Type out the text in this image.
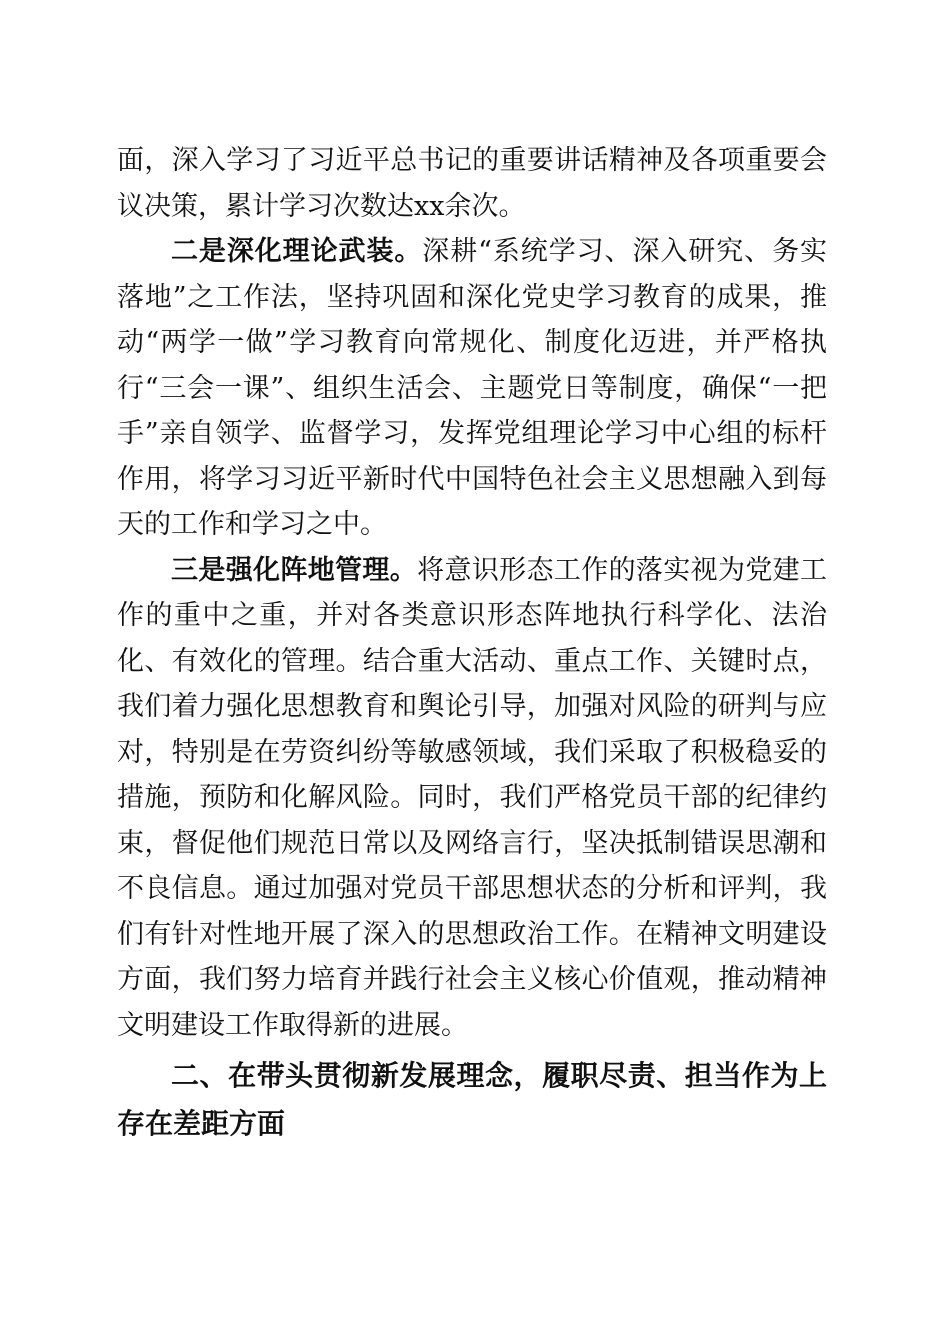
面，深入学习了习近平总书记的重要讲话精神及各项重要会议决策，累计学习次数达xx余次。

二是深化理论武装。深耕“系统学习、深入研究、务实落地”之工作法，坚持巩固和深化党史学习教育的成果，推动“两学一做”学习教育向常规化、制度化迈进，并严格执行“三会一课”、组织生活会、主题党日等制度，确保“一把手”亲自领学、监督学习，发挥党组理论学习中心组的标杆作用，将学习习近平新时代中国特色社会主义思想融入到每天的工作和学习之中。

三是强化阵地管理。将意识形态工作的落实视为党建工作的重中之重，并对各类意识形态阵地执行科学化、法治化、有效化的管理。结合重大活动、重点工作、关键时点，我们着力强化思想教育和舆论引导，加强对风险的研判与应对，特别是在劳资纠纷等敏感领域，我们采取了积极稳妥的措施，预防和化解风险。同时，我们严格党员干部的纪律约束，督促他们规范日常以及网络言行，坚决抵制错误思潮和不良信息。通过加强对党员干部思想状态的分析和评判，我们有针对性地开展了深入的思想政治工作。在精神文明建设方面，我们努力培育并践行社会主义核心价值观，推动精神文明建设工作取得新的进展。

二、在带头贯彻新发展理念，履职尽责、担当作为上存在差距方面
